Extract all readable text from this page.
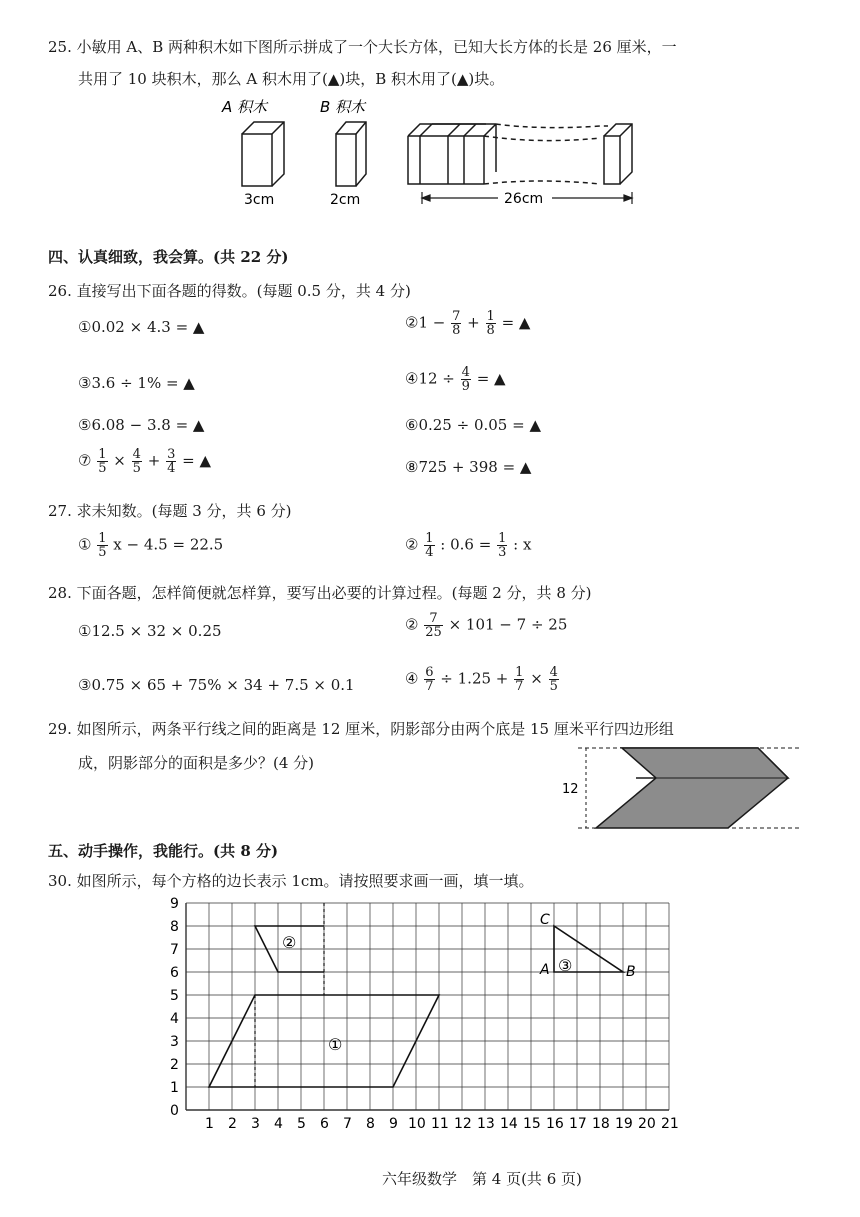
25. 小敏用 A、B 两种积木如下图所示拼成了一个大长方体，已知大长方体的长是 26 厘米，一
共用了 10 块积木，那么 A 积木用了(▲)块，B 积木用了(▲)块。
A 积木	B 积木
3cm	2cm	26cm
四、认真细致，我会算。(共 22 分)
26. 直接写出下面各题的得数。(每题 0.5 分，共 4 分)
①0.02 × 4.3 = ▲	②1 − $\frac{7}{8} + \frac{1}{8}$ = ▲
③3.6 ÷ 1% = ▲	④12 ÷ $\frac{4}{9}$ = ▲
⑤6.08 − 3.8 = ▲	⑥0.25 ÷ 0.05 = ▲
⑦ $\frac{1}{5} \times \frac{4}{5} + \frac{3}{4}$ = ▲	⑧725 + 398 = ▲
27. 求未知数。(每题 3 分，共 6 分)
① $\frac{1}{5}$ x − 4.5 = 22.5	② $\frac{1}{4}$ : $0.6 = \frac{1}{3}$ : x
28. 下面各题，怎样简便就怎样算，要写出必要的计算过程。(每题 2 分，共 8 分)
①12.5 × 32 × 0.25	② $\frac{7}{25} \times 101 - 7 \div 25$
③0.75 × 65 + 75% × 34 + 7.5 × 0.1	④ $\frac{6}{7} \div 1.25 + \frac{1}{7} \times \frac{4}{5}$
29. 如图所示，两条平行线之间的距离是 12 厘米，阴影部分由两个底是 15 厘米平行四边形组
成，阴影部分的面积是多少？(4 分)
12
五、动手操作，我能行。(共 8 分)
30. 如图所示，每个方格的边长表示 1cm。请按照要求画一画，填一填。
0
1
2
3
4
5
6
7
8
9
1 2 3 4 5 6 7 8 9 10 11 12 13 14 15 16 17 18 19 20 21
①
②
③
A	B
C
六年级数学　第 4 页(共 6 页)
